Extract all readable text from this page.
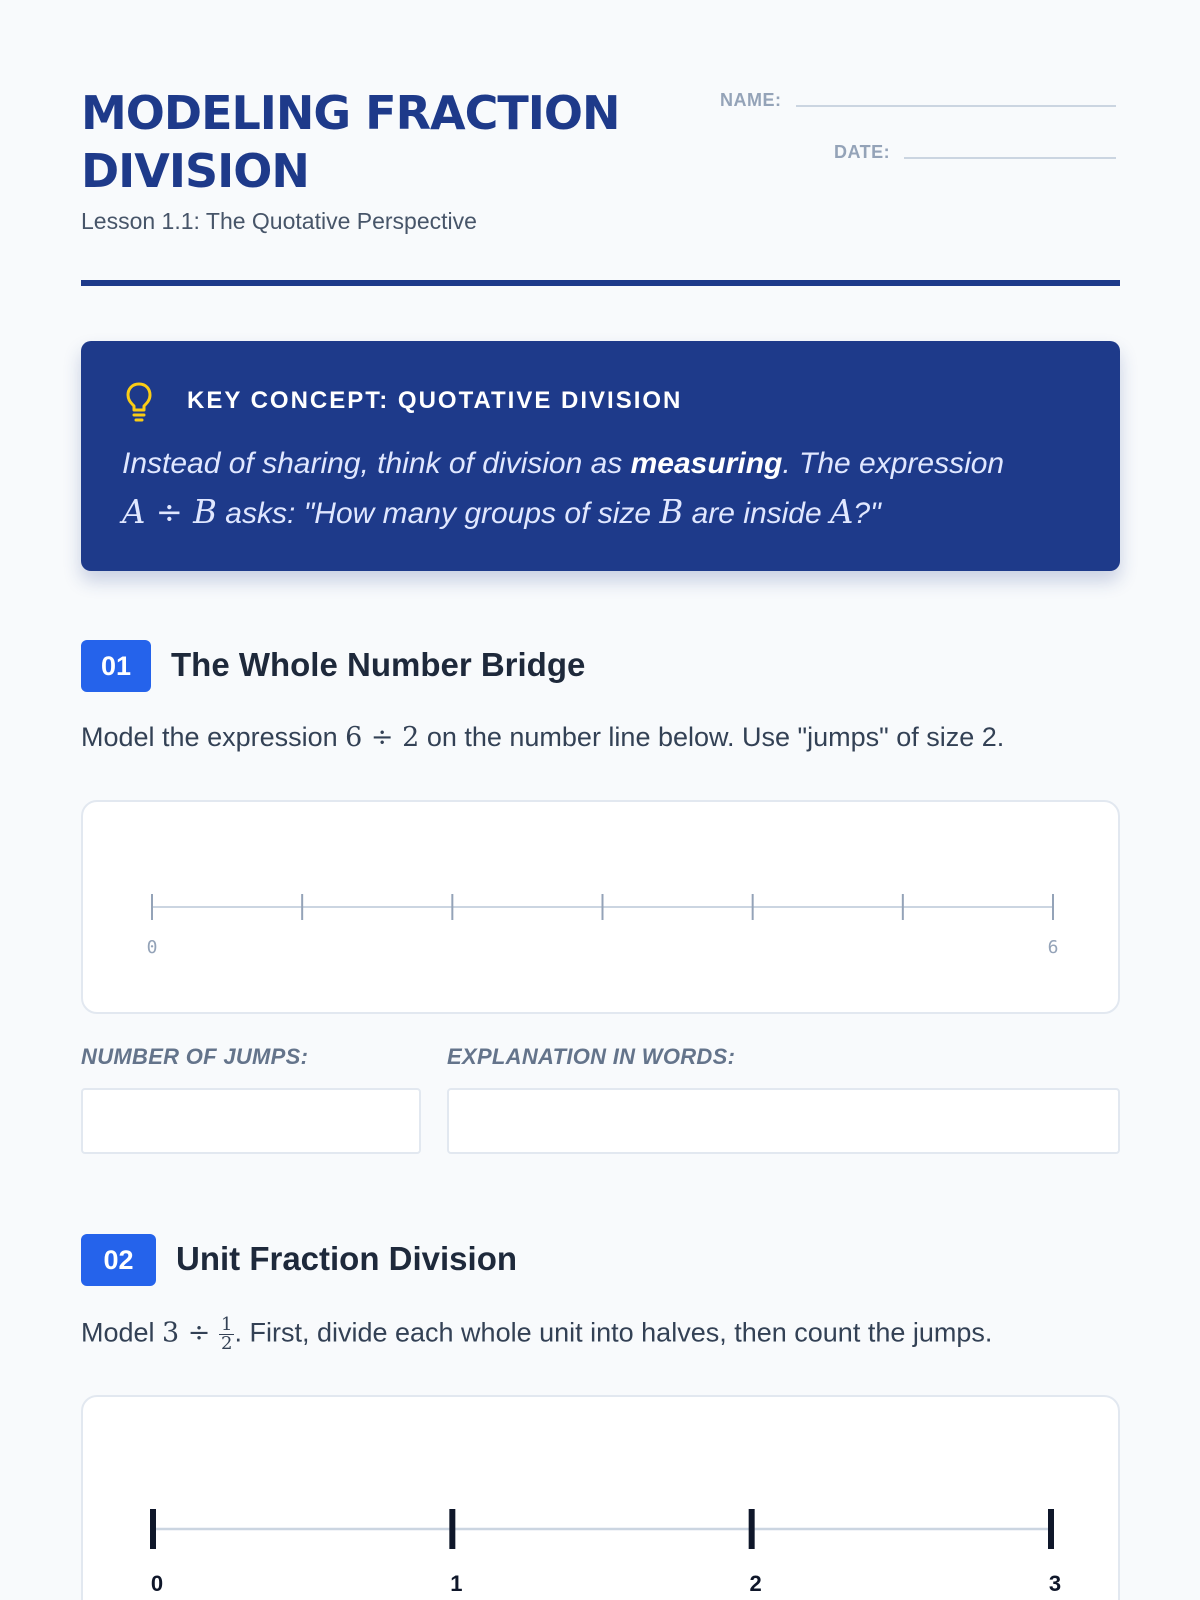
MODELING FRACTION DIVISION
Lesson 1.1: The Quotative Perspective
NAME:
DATE:
KEY CONCEPT: QUOTATIVE DIVISION
Instead of sharing, think of division as measuring. The expression
A ÷ B asks: "How many groups of size B are inside A?"
01	The Whole Number Bridge
Model the expression 6 ÷ 2 on the number line below. Use "jumps" of size 2.
0	6
NUMBER OF JUMPS:	EXPLANATION IN WORDS:
02	Unit Fraction Division
Model $3 \div \frac{1}{2}$ . First, divide each whole unit into halves, then count the jumps.
0	1	2	3
